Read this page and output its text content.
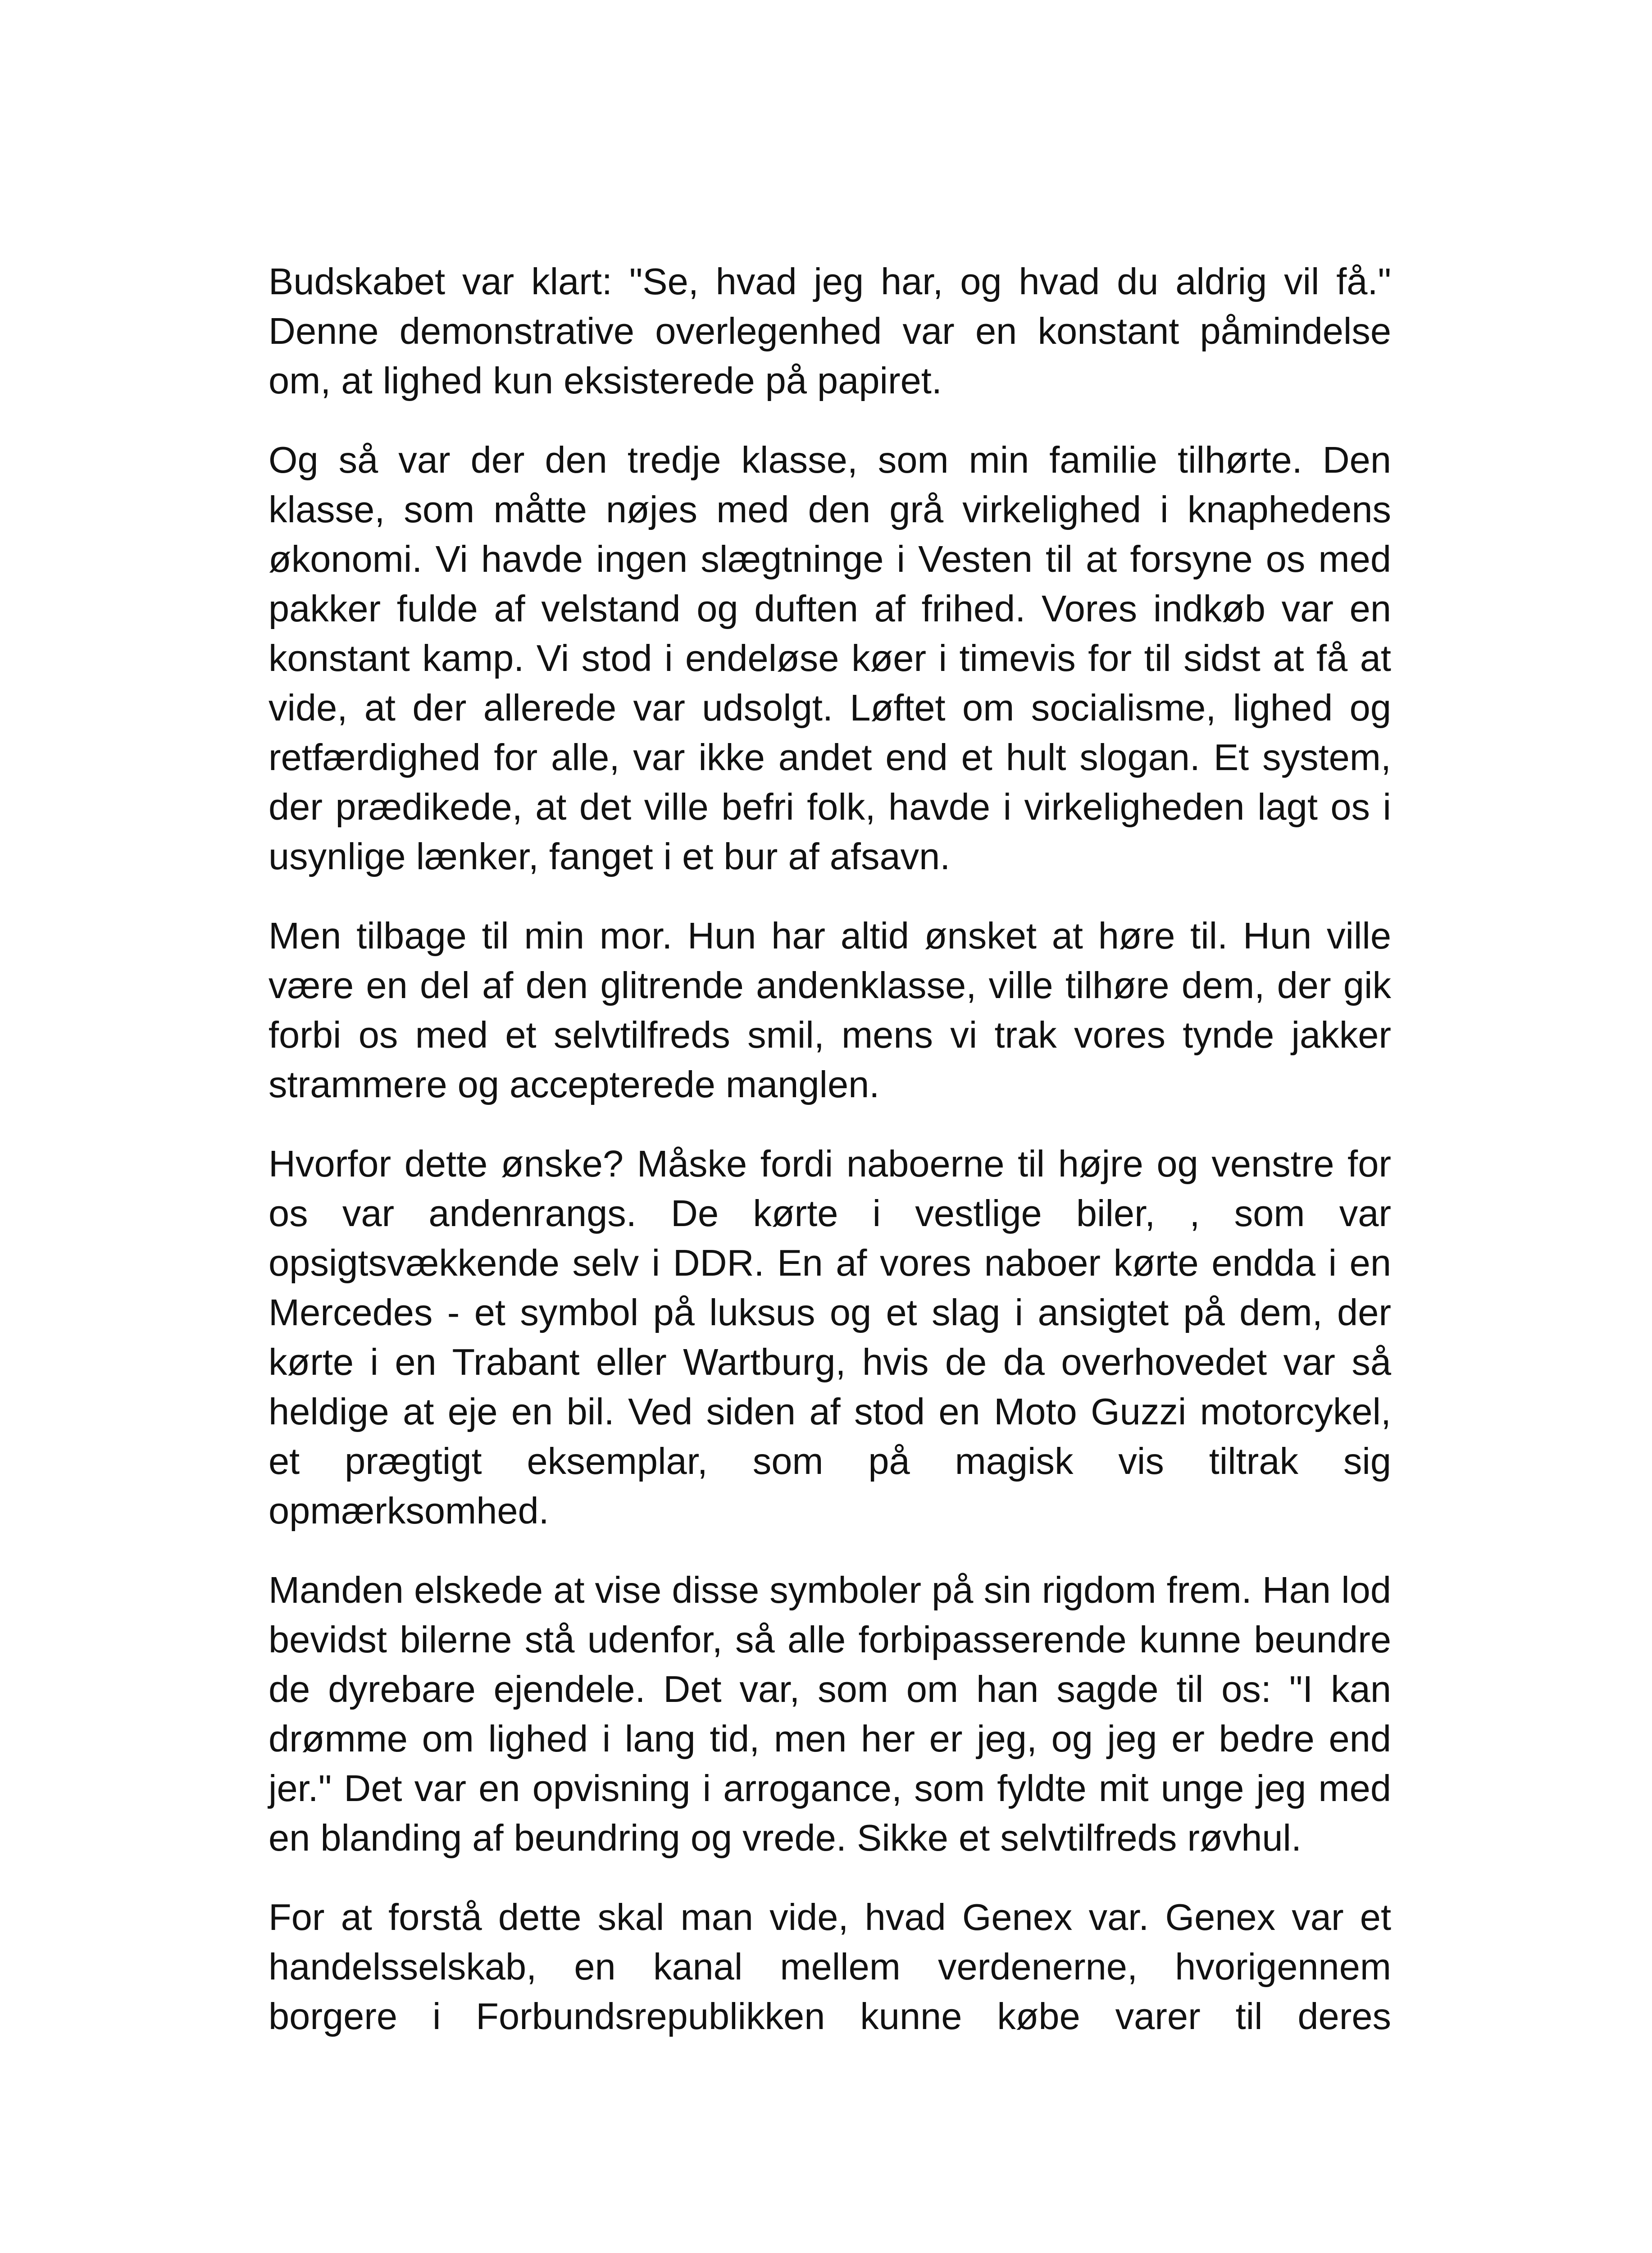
Budskabet var klart: "Se, hvad jeg har, og hvad du aldrig vil få." Denne demonstrative overlegenhed var en konstant påmindelse om, at lighed kun eksisterede på papiret.

Og så var der den tredje klasse, som min familie tilhørte. Den klasse, som måtte nøjes med den grå virkelighed i knaphedens økonomi. Vi havde ingen slægtninge i Vesten til at forsyne os med pakker fulde af velstand og duften af frihed. Vores indkøb var en konstant kamp. Vi stod i endeløse køer i timevis for til sidst at få at vide, at der allerede var udsolgt. Løftet om socialisme, lighed og retfærdighed for alle, var ikke andet end et hult slogan. Et system, der prædikede, at det ville befri folk, havde i virkeligheden lagt os i usynlige lænker, fanget i et bur af afsavn.

Men tilbage til min mor. Hun har altid ønsket at høre til. Hun ville være en del af den glitrende andenklasse, ville tilhøre dem, der gik forbi os med et selvtilfreds smil, mens vi trak vores tynde jakker strammere og accepterede manglen.

Hvorfor dette ønske? Måske fordi naboerne til højre og venstre for os var andenrangs. De kørte i vestlige biler, , som var opsigtsvækkende selv i DDR. En af vores naboer kørte endda i en Mercedes - et symbol på luksus og et slag i ansigtet på dem, der kørte i en Trabant eller Wartburg, hvis de da overhovedet var så heldige at eje en bil. Ved siden af stod en Moto Guzzi motorcykel, et prægtigt eksemplar, som på magisk vis tiltrak sig opmærksomhed.

Manden elskede at vise disse symboler på sin rigdom frem. Han lod bevidst bilerne stå udenfor, så alle forbipasserende kunne beundre de dyrebare ejendele. Det var, som om han sagde til os: "I kan drømme om lighed i lang tid, men her er jeg, og jeg er bedre end jer." Det var en opvisning i arrogance, som fyldte mit unge jeg med en blanding af beundring og vrede. Sikke et selvtilfreds røvhul.

For at forstå dette skal man vide, hvad Genex var. Genex var et handelsselskab, en kanal mellem verdenerne, hvorigennem borgere i Forbundsrepublikken kunne købe varer til deres
